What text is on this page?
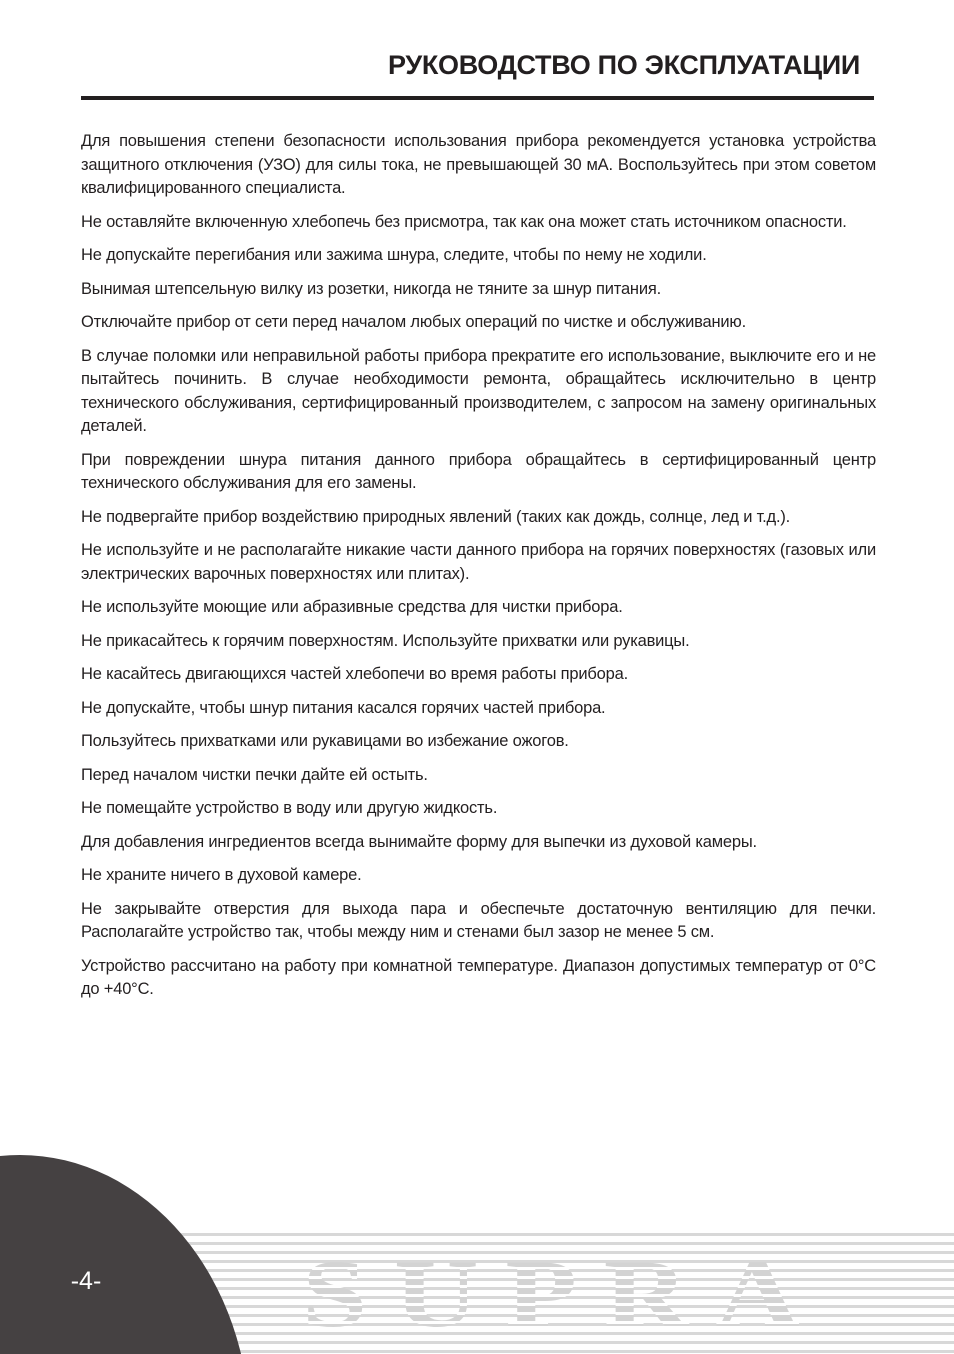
РУКОВОДСТВО ПО ЭКСПЛУАТАЦИИ

Для повышения степени безопасности использования прибора рекомендуется установка устройства защитного отключения (УЗО) для силы тока, не превышающей 30 мА. Воспользуйтесь при этом советом квалифицированного специалиста.

Не оставляйте включенную хлебопечь без присмотра, так как она может стать источником опасности.

Не допускайте перегибания или зажима шнура, следите, чтобы по нему не ходили.

Вынимая штепсельную вилку из розетки, никогда не тяните за шнур питания.

Отключайте прибор от сети перед началом любых операций по чистке и обслуживанию.

В случае поломки или неправильной работы прибора прекратите его использование, выключите его и не пытайтесь починить. В случае необходимости ремонта, обращайтесь исключительно в центр технического обслуживания, сертифицированный производителем, с запросом на замену оригинальных деталей.

При повреждении шнура питания данного прибора обращайтесь в сертифицированный центр технического обслуживания для его замены.

Не подвергайте прибор воздействию природных явлений (таких как дождь, солнце, лед и т.д.).

Не используйте и не располагайте никакие части данного прибора на горячих поверхностях (газовых или электрических варочных поверхностях или плитах).

Не используйте моющие или абразивные средства для чистки прибора.

Не прикасайтесь к горячим поверхностям. Используйте прихватки или рукавицы.

Не касайтесь двигающихся частей хлебопечи во время работы прибора.

Не допускайте, чтобы шнур питания касался горячих частей прибора.

Пользуйтесь прихватками или рукавицами во избежание ожогов.

Перед началом чистки печки дайте ей остыть.

Не помещайте устройство в воду или другую жидкость.

Для добавления ингредиентов всегда вынимайте форму для выпечки из духовой камеры.

Не храните ничего в духовой камере.

Не закрывайте отверстия для выхода пара и обеспечьте достаточную вентиляцию для печки. Располагайте устройство так, чтобы между ним и стенами был зазор не менее 5 см.

Устройство рассчитано на работу при комнатной температуре. Диапазон допустимых температур от 0°С до +40°С.

SUPRA
-4-
